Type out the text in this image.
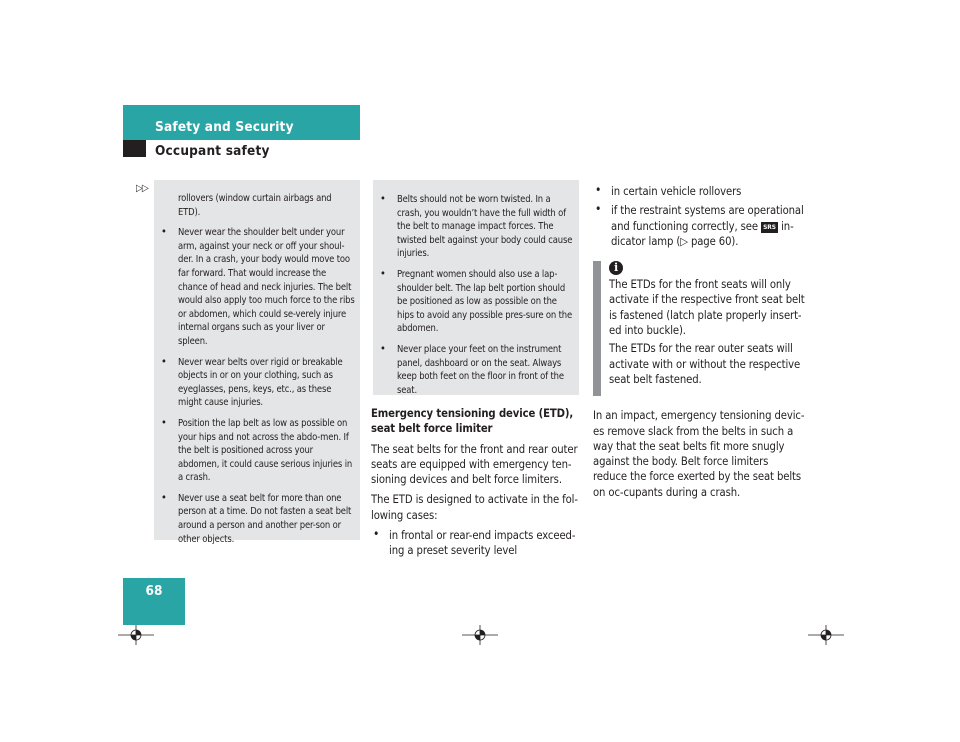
Safety and Security
Occupant safety
▷▷
rollovers (window curtain airbags and ETD).
• Never wear the shoulder belt under your arm, against your neck or off your shoul-der. In a crash, your body would move too far forward. That would increase the chance of head and neck injuries. The belt would also apply too much force to the ribs or abdomen, which could se-verely injure internal organs such as your liver or spleen.
• Never wear belts over rigid or breakable objects in or on your clothing, such as eyeglasses, pens, keys, etc., as these might cause injuries.
• Position the lap belt as low as possible on your hips and not across the abdo-men. If the belt is positioned across your abdomen, it could cause serious injuries in a crash.
• Never use a seat belt for more than one person at a time. Do not fasten a seat belt around a person and another per-son or other objects.
• Belts should not be worn twisted. In a crash, you wouldn’t have the full width of the belt to manage impact forces. The twisted belt against your body could cause injuries.
• Pregnant women should also use a lap-shoulder belt. The lap belt portion should be positioned as low as possible on the hips to avoid any possible pres-sure on the abdomen.
• Never place your feet on the instrument panel, dashboard or on the seat. Always keep both feet on the floor in front of the seat.
Emergency tensioning device (ETD), seat belt force limiter
The seat belts for the front and rear outer seats are equipped with emergency ten-sioning devices and belt force limiters.
The ETD is designed to activate in the fol-lowing cases:
• in frontal or rear-end impacts exceed-ing a preset severity level
• in certain vehicle rollovers
• if the restraint systems are operational and functioning correctly, see SRS in-dicator lamp (▷ page 60).
i
The ETDs for the front seats will only activate if the respective front seat belt is fastened (latch plate properly insert-ed into buckle).
The ETDs for the rear outer seats will activate with or without the respective seat belt fastened.
In an impact, emergency tensioning devic-es remove slack from the belts in such a way that the seat belts fit more snugly against the body. Belt force limiters reduce the force exerted by the seat belts on oc-cupants during a crash.
68
